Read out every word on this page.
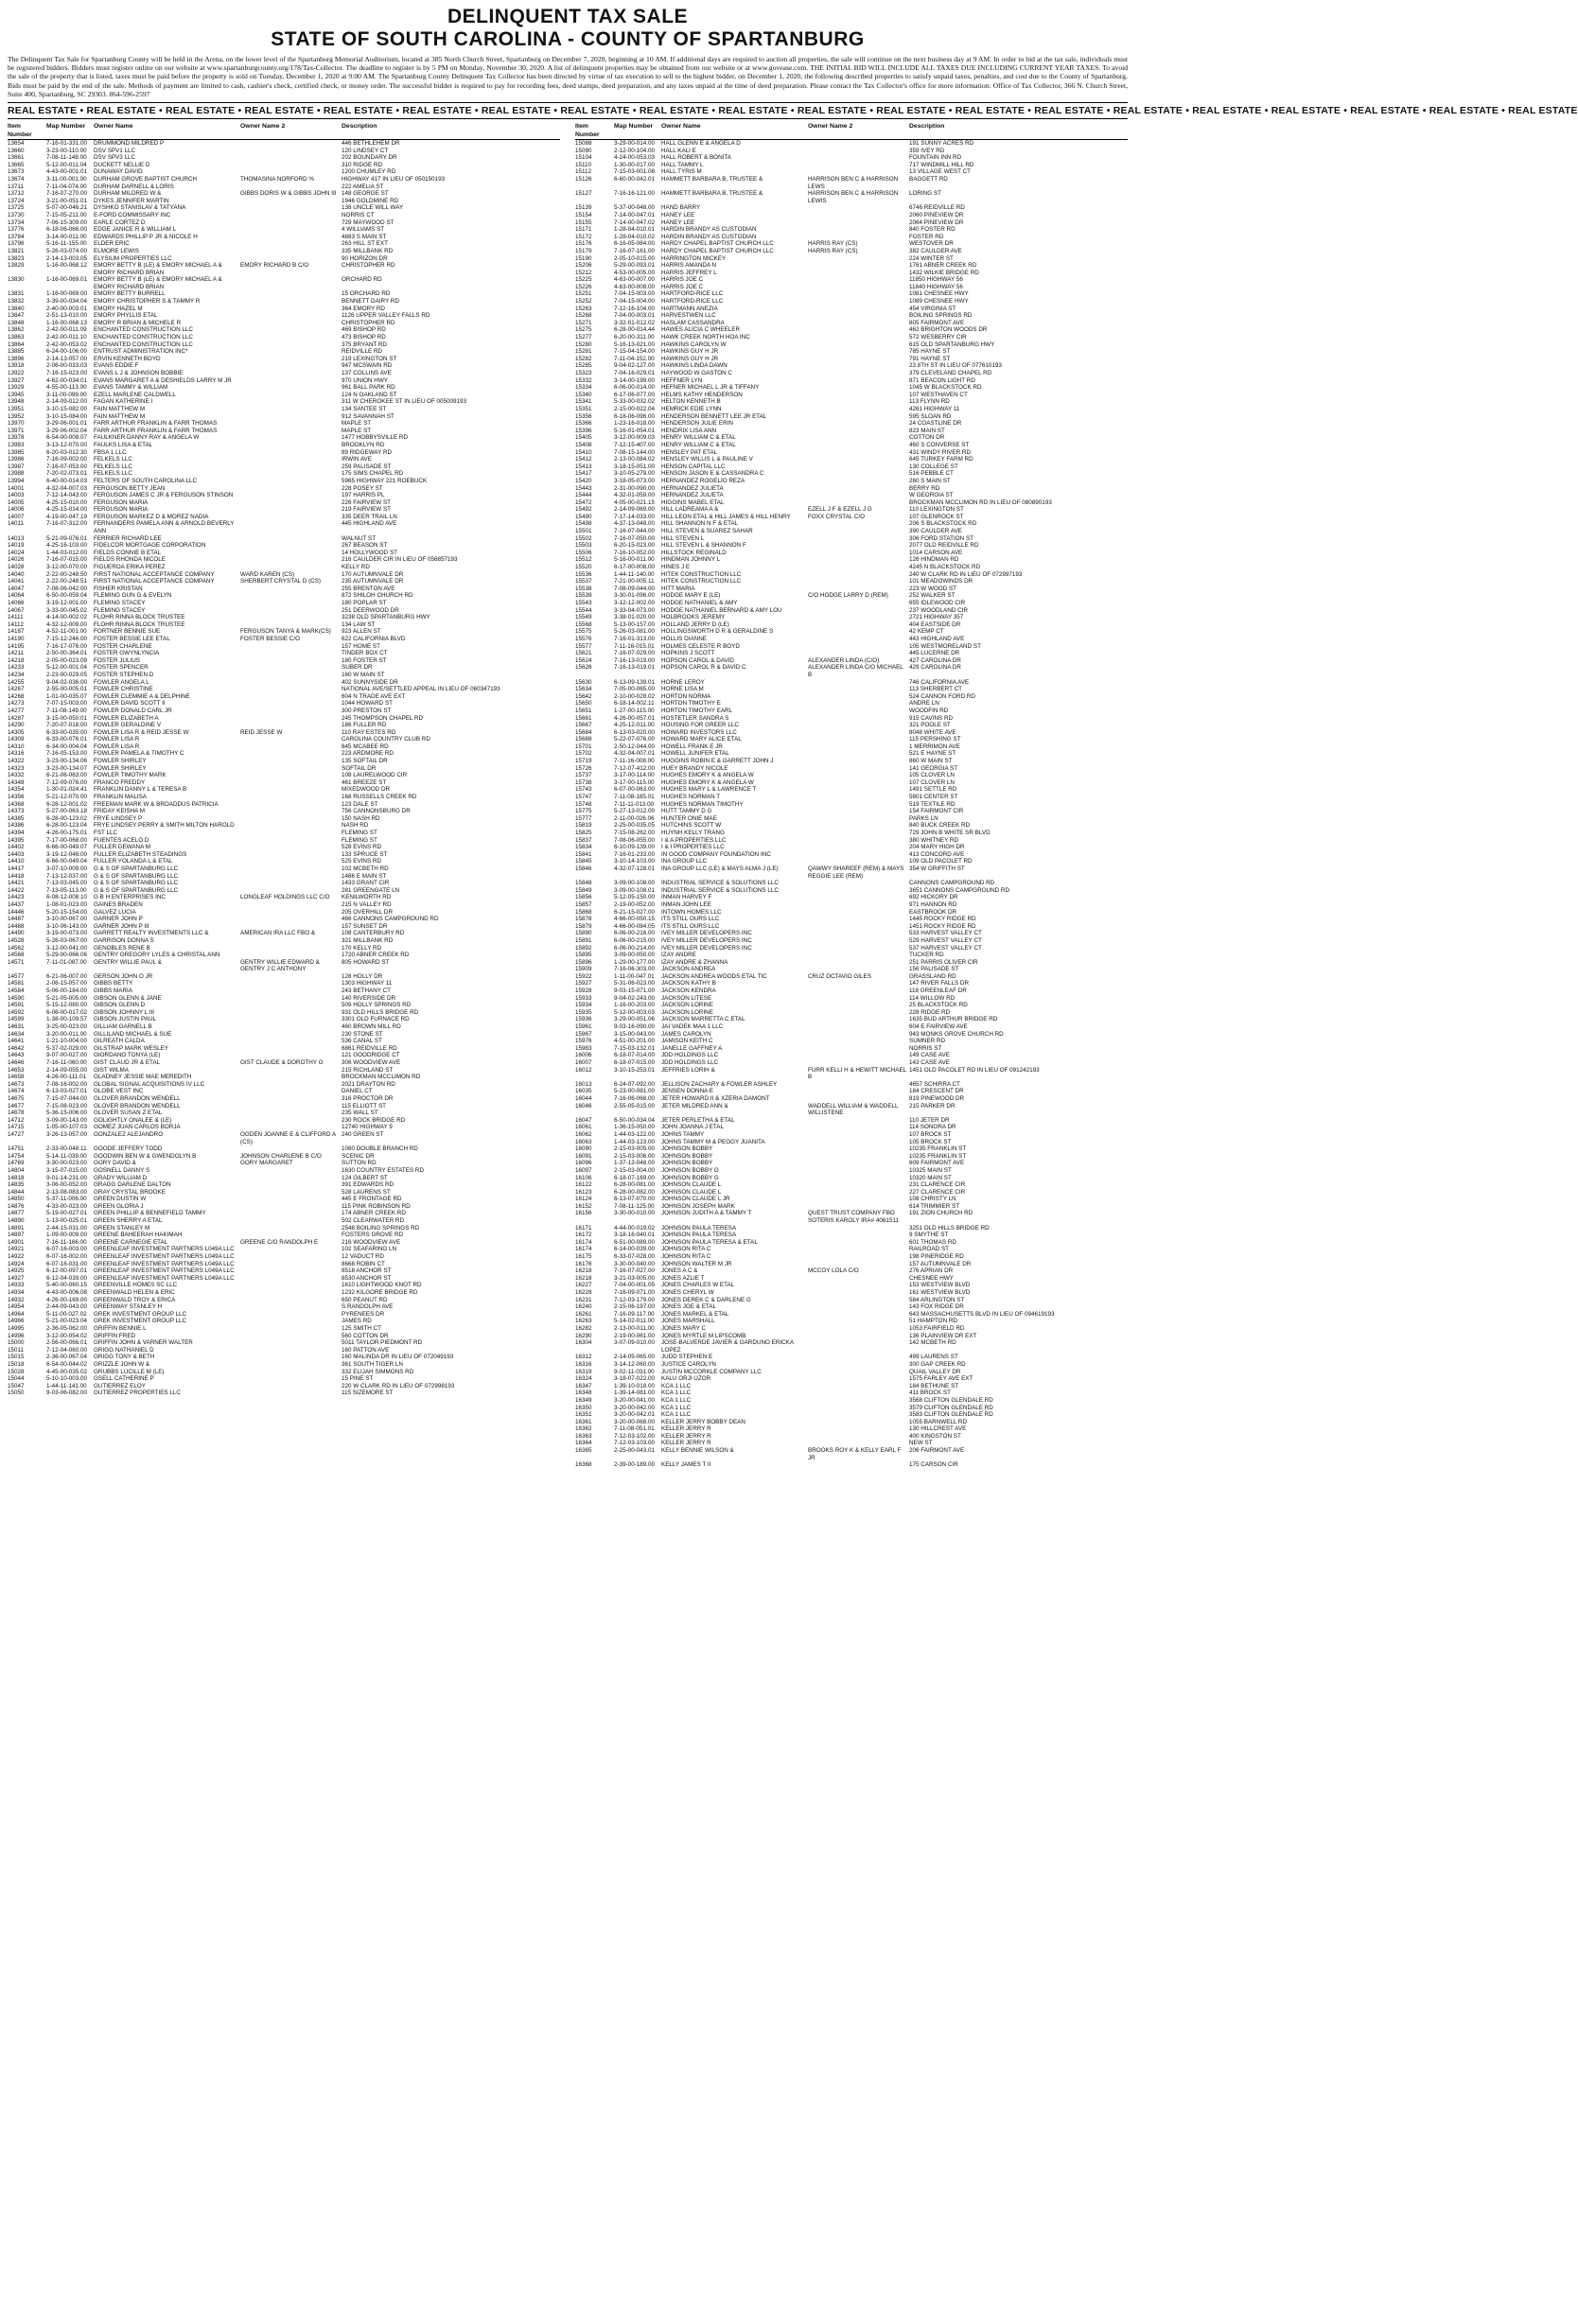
DELINQUENT TAX SALE
STATE OF SOUTH CAROLINA - COUNTY OF SPARTANBURG
The Delinquent Tax Sale for Spartanburg County will be held in the Arena, on the lower level of the Spartanburg Memorial Auditorium, located at 385 North Church Street, Spartanburg on December 7, 2020, beginning at 10 AM. If additional days are required to auction all properties, the sale will continue on the next business day at 9 AM. In order to bid at the tax sale, individuals must be registered bidders. Bidders must register online on our website at www.spartanburgcounty.org/178/Tax-Collector. The deadline to register is by 5 PM on Monday, November 30, 2020. A list of delinquent properties may be obtained from our website or at www.govease.com. THE INITIAL BID WILL INCLUDE ALL TAXES DUE INCLUDING CURRENT YEAR TAXES. To avoid the sale of the property that is listed, taxes must be paid before the property is sold on Tuesday, December 1, 2020 at 9:00 AM. The Spartanburg County Delinquent Tax Collector has been directed by virtue of tax execution to sell to the highest bidder, on December 1, 2020, the following described properties to satisfy unpaid taxes, penalties, and cost due to the County of Spartanburg. Bids must be paid by the end of the sale. Methods of payment are limited to cash, cashier's check, certified check, or money order. The successful bidder is required to pay for recording fees, deed stamps, deed preparation, and any taxes unpaid at the time of deed preparation. Please contact the Tax Collector's office for more information: Office of Tax Collector, 366 N. Church Street, Suite 400, Spartanburg, SC 29303. 864-596-2597
REAL ESTATE • REAL ESTATE • REAL ESTATE • REAL ESTATE • REAL ESTATE • REAL ESTATE • REAL ESTATE • REAL ESTATE • REAL ESTATE • REAL ESTATE • REAL ESTATE • REAL ESTATE • REAL ESTATE • REAL ESTATE • REAL ESTATE • REAL ESTATE • REAL ESTATE • REAL ESTATE • REAL ESTATE • REAL ESTATE
Item Number
Map Number	Owner Name	Owner Name 2	Description
13654	7-16-01-331.00	DRUMMOND MILDRED P	446 BETHLEHEM DR
13660	3-23-00-110.00	DSV SPV1 LLC	120 LINDSEY CT
13661	7-08-11-148.00	DSV SPV3 LLC	202 BOUNDARY DR
13665	5-12-00-011.04	DUCKETT NELLIE D	310 RIDGE RD
13673	4-43-00-001.01	DUNAWAY DAVID	1200 CHUMLEY RD
13674	3-11-00-001.00	DURHAM GROVE BAPTIST CHURCH	THOMASINA NORFORD %	HIGHWAY 417 IN LIEU OF 050150193
13711	7-11-04-074.00	DURHAM DARNELL & LORIS	222 AMELIA ST
13712	7-16-07-270.00	DURHAM MILDRED W &	GIBBS DORIS W & GIBBS JOHN III 148 GEORGE ST
13724	3-21-00-051.01	DYKES JENNIFER MARTIN	1946 GOLDMINE RD
13725	5-07-00-046.21	DYSHKO STANISLAV & TATYANA	138 UNCLE WILL WAY
13730	7-15-05-211.00	E-FORD COMMISSARY INC	NORRIS CT
13734	7-06-15-309.00	EARLE CORTEZ D	729 MAYWOOD ST
13776	6-18-06-066.00	EDGE JANICE R & WILLIAM L	4 WILLIAMS ST
13784	3-14-00-011.00	EDWARDS PHILLIP P JR & NICOLE H	4883 S MAIN ST
13796	5-16-11-155.00	ELDER ERIC	263 HILL ST EXT
13821	5-26-03-074.00	ELMORE LEWIS	335 MILLBANK RD
13823	2-14-13-003.05	ELYSIUM PROPERTIES LLC	90 HORIZON DR
13829	1-16-00-068.12	EMORY BETTY B (LE) & EMORY MICHAEL A & EMORY RICHARD BRIAN
EMORY RICHARD B C/O	CHRISTOPHER RD
13830	1-16-00-069.01	EMORY BETTY B (LE) & EMORY MICHAEL A & EMORY RICHARD BRIAN
ORCHARD RD
13831	1-16-00-069.00	EMORY BETTY BURRELL	15 ORCHARD RD
13832	3-39-00-034.04	EMORY CHRISTOPHER S & TAMMY R	BENNETT DAIRY RD
13840	2-40-00-003.01	EMORY HAZEL M	364 EMORY RD
13847	2-51-13-010.00	EMORY PHYLLIS ETAL	1126 UPPER VALLEY FALLS RD
13848	1-16-00-068.13	EMORY R BRIAN & MICHELE R	CHRISTOPHER RD
13862	2-42-00-011.09	ENCHANTED CONSTRUCTION LLC	469 BISHOP RD
13863	2-42-00-011.10	ENCHANTED CONSTRUCTION LLC	473 BISHOP RD
13864	2-42-00-053.02	ENCHANTED CONSTRUCTION LLC	375 BRYANT RD
13885	6-24-00-106.00	ENTRUST ADMINISTRATION INC*	REIDVILLE RD
13896	2-14-13-057.00	ERVIN KENNETH BOYD	219 LEXINGTON ST
13918	2-06-00-033.03	EVANS EDDIE F	947 MCSWAIN RD
13922	7-16-15-023.00	EVANS L J & JOHNSON BOBBIE	137 COLLINS AVE
13927	4-62-00-034.01	EVANS MARGARET A & DESHIELDS LARRY M JR	970 UNION HWY
13929	4-55-00-113.00	EVANS TAMMY & WILLIAM	961 BALL PARK RD
13945	3-11-00-099.00	EZELL MARLENE CALDWELL	124 N OAKLAND ST
13948	2-14-09-012.00	FAGAN KATHERINE I	311 W CHEROKEE ST IN LIEU OF 005009193
13951	3-10-15-082.00	FAIN MATTHEW M	134 SANTEE ST
13952	3-10-15-084.00	FAIN MATTHEW M	912 SAVANNAH ST
13970	3-29-06-001.01	FARR ARTHUR FRANKLIN & FARR THOMAS	MAPLE ST
13971	3-29-06-002.04	FARR ARTHUR FRANKLIN & FARR THOMAS	MAPLE ST
13978	6-54-00-008.07	FAULKNER DANNY RAY & ANGELA W	1477 HOBBYSVILLE RD
13983	3-13-12-070.00	FAULKS LISA & ETAL	BROOKLYN RD
13985	6-20-03-012.30	FBSA 1 LLC	89 RIDGEWAY RD
13986	7-16-09-002.00	FELKELS LLC	IRWIN AVE
13987	7-16-07-053.00	FELKELS LLC	259 PALISADE ST
13988	7-20-02-073.01	FELKELS LLC	175 SIMS CHAPEL RD
13994	6-40-00-014.03	FELTERS OF SOUTH CAROLINA LLC	5965 HIGHWAY 221 ROEBUCK
14001	4-32-04-007.03	FERGUSON BETTY JEAN	228 POSEY ST
14003	7-12-14-043.00	FERGUSON JAMES C JR & FERGUSON STINSON	197 HARRIS PL
14005	4-25-15-010.00	FERGUSON MARIA	226 FAIRVIEW ST
14006	4-25-15-014.00	FERGUSON MARIA	219 FAIRVIEW ST
14007	4-19-00-047.19	FERGUSON MARKEZ D & MOREZ NADIA	335 DEER TRAIL LN
14011	7-16-07-312.00	FERNANDERS PAMELA ANN & ARNOLD BEVERLY ANN
445 HIGHLAND AVE
14013	5-21-09-076.01	FERRIER RICHARD LEE	WALNUT ST
14019	4-25-16-103.00	FIDELCOR MORTGAGE CORPORATION	267 BEASON ST
14024	1-44-03-012.00	FIELDS CONNIE B ETAL	14 HOLLYWOOD ST
14026	7-16-07-015.00	FIELDS RHONDA NICOLE	216 CAULDER CIR IN LIEU OF 056857193
14028	3-12-00-070.00	FIGUEROA ERIKA PEREZ	KELLY RD
14040	2-22-00-248.50	FIRST NATIONAL ACCEPTANCE COMPANY	WARD KAREN (CS)	170 AUTUMNVALE DR
14041	2-22-00-248.51	FIRST NATIONAL ACCEPTANCE COMPANY	SHERBERT CRYSTAL D (CS)	235 AUTUMNVALE DR
14047	7-08-06-042.00	FISHER KRISTAN	255 BRENTON AVE
14064	6-50-00-059.04	FLEMING GUN G & EVELYN	872 SHILOH CHURCH RD
14066	3-19-12-001.00	FLEMING STACEY	180 POPLAR ST
14067	3-33-00-045.02	FLEMING STACEY	251 DEERWOOD DR
14111	4-14-00-002.02	FLOHR RINNA BLOCK TRUSTEE	3238 OLD SPARTANBURG HWY
14112	4-32-12-009.00	FLOHR RINNA BLOCK TRUSTEE	134 LAW ST
14187	4-52-11-001.00	FORTNER BENNIE SUE	FERGUSON TANYA & MARK(CS)	923 ALLEN ST
14190	7-15-12-246.00	FOSTER BESSIE LEE ETAL	FOSTER BESSIE C/O	622 CALIFORNIA BLVD
14195	7-16-17-076.00	FOSTER CHARLENE	157 HOME ST
14211	2-50-00-364.01	FOSTER GWYNLYNCIA	TINDER BOX CT
14218	2-05-00-023.09	FOSTER JULIUS	180 FOSTER ST
14233	5-12-00-001.04	FOSTER SPENCER	SUBER DR
14234	2-23-00-029.05	FOSTER STEPHEN D	160 W MAIN ST
14255	9-04-02-036.00	FOWLER ANGELA L	402 SUNNYSIDE DR
14267	2-55-00-005.01	FOWLER CHRISTINE	NATIONAL AVE/SETTLED APPEAL IN LIEU OF 060347193
14268	1-01-00-035.07	FOWLER CLEMMIE A & DELPHINE	604 N TRADE AVE EXT
14273	7-07-15-003.00	FOWLER DAVID SCOTT II	1044 HOWARD ST
14277	7-11-08-149.00	FOWLER DONALD CARL JR	300 PRESTON ST
14287	3-15-00-050.01	FOWLER ELIZABETH A	245 THOMPSON CHAPEL RD
14290	7-20-07-018.00	FOWLER GERALDINE V	186 FULLER RD
14305	6-33-00-035.00	FOWLER LISA R & REID JESSE W	REID JESSE W	110 RAY ESTES RD
14309	6-33-00-076.01	FOWLER LISA R	CAROLINA COUNTRY CLUB RD
14310	6-34-00-004.04	FOWLER LISA R	845 MCABEE RD
14316	7-16-05-153.00	FOWLER PAMELA & TIMOTHY C	223 ARDMORE RD
14322	3-23-00-134.06	FOWLER SHIRLEY	135 SOFTAIL DR
14323	3-23-00-134.07	FOWLER SHIRLEY	SOFTAIL DR
14332	6-21-06-063.00	FOWLER TIMOTHY MARK	108 LAURELWOOD CIR
14348	7-12-09-076.00	FRANCO FREDDY	461 BREEZE ST
14354	1-30-01-024.41	FRANKLIN DANNY L & TERESA B	MIXEDWOOD DR
14356	5-21-12-070.00	FRANKLIN MALISA	168 RUSSELLS CREEK RD
14368	6-28-12-001.02	FREEMAN MARK W & BROADDUS PATRICIA	123 DALE ST
14373	5-27-00-063.18	FRIDAY KEISHA M	756 CANNONSBURG DR
14385	6-28-00-123.02	FRYE LINDSEY P	150 NASH RD
14386	6-28-00-123.04	FRYE LINDSEY PERRY & SMITH MILTON HAROLD	NASH RD
14394	4-26-00-175.01	FST LLC	FLEMING ST
14395	7-17-00-068.00	FUENTES ACELO D	FLEMING ST
14402	6-66-00-049.07	FULLER DEWANA M	528 EVINS RD
14403	3-19-12-046.00	FULLER ELIZABETH STEADINGS	133 SPRUCE ST
14410	6-66-00-049.04	FULLER YOLANDA L & ETAL	525 EVINS RD
14417	3-07-10-009.00	G & S OF SPARTANBURG LLC	102 MCBETH RD
14418	7-13-12-037.00	G & S OF SPARTANBURG LLC	1486 E MAIN ST
14421	7-13-03-045.00	G & S OF SPARTANBURG LLC	1433 GRANT CIR
14422	7-13-05-113.00	G & S OF SPARTANBURG LLC	281 GREENGATE LN
14423	6-08-12-008.10	G B H ENTERPRISES INC	LONGLEAF HOLDINGS LLC C/O	KENILWORTH RD
14437	1-08-01-023.00	GAINES BRADEN	215 N VALLEY RD
14446	5-20-15-154.00	GALVEZ LUCIA	205 OVERHILL DR
14487	3-10-00-067.00	GARNER JOHN P	466 CANNONS CAMPGROUND RD
14488	3-10-06-143.00	GARNER JOHN P III	157 SUNSET DR
14490	3-19-00-073.00	GARRETT REALTY INVESTMENTS LLC &	AMERICAN IRA LLC FBO &	108 CANTERBURY RD
14528	5-26-03-067.00	GARRISON DONNA S	321 MILLBANK RD
14562	3-12-00-041.00	GENOBLES RENE B	170 KELLY RD
14568	5-29-00-066.06	GENTRY GREGORY LYLES & CHRISTAL ANN	1720 ABNER CREEK RD
14571	7-11-01-087.00	GENTRY WILLIE PAUL &	GENTRY WILLIE EDWARD & GENTRY J C ANTHONY
805 HOWARD ST
14577	6-21-06-007.00	GERSON JOHN O JR	128 HOLLY DR
14581	2-06-15-057.00	GIBBS BETTY	1303 HIGHWAY 11
14584	5-06-00-184.00	GIBBS MARIA	243 BETHANY CT
14590	5-21-05-005.00	GIBSON GLENN & JANE	140 RIVERSIDE DR
14591	5-15-12-080.00	GIBSON GLENN D	509 HOLLY SPRINGS RD
14592	6-06-00-017.02	GIBSON JOHNNY L III	931 OLD HILLS BRIDGE RD
14599	1-38-00-109.57	GIBSON JUSTIN PAUL	3301 OLD FURNACE RD
14631	3-25-00-023.00	GILLIAM GARNELL B	460 BROWN MILL RD
14634	3-20-00-011.00	GILLILAND MICHAEL & SUE	230 STONE ST
14641	1-21-10-004.00	GILREATH CALDA	536 CANAL ST
14642	5-37-02-029.00	GILSTRAP MARK WESLEY	6861 REIDVILLE RD
14643	9-07-00-027.00	GIORDANO TONYA (LE)	121 GOODRIDGE CT
14646	7-16-11-060.00	GIST CLAUD JR & ETAL	GIST CLAUDE & DOROTHY G	306 WOODVIEW AVE
14653	2-14-09-055.00	GIST WILMA	215 RICHLAND ST
14658	4-26-00-111.01	GLADNEY JESSIE MAE MEREDITH	BROCKMAN MCCLIMON RD
14673	7-08-16-002.00	GLOBAL SIGNAL ACQUISITIONS IV LLC	2021 DRAYTON RD
14674	6-13-03-027.01	GLOBE VEST INC	DANIEL CT
14675	7-15-07-044.00	GLOVER BRANDON WENDELL	316 PROCTOR DR
14677	7-15-08-023.00	GLOVER BRANDON WENDELL	115 ELLIOTT ST
14678	5-36-15-006.00	GLOVER SUSAN Z ETAL	235 WALL ST
14712	3-09-00-143.00	GOLIGHTLY ONALEE & (LE)	230 ROCK BRIDGE RD
14715	1-05-00-107.03	GOMEZ JUAN CARLOS BORJA	12740 HIGHWAY 9
14727	3-26-13-057.00	GONZALEZ ALEJANDRO	OGDEN JOANNE E & CLIFFORD A (CS)
240 GREEN ST
14751	2-33-00-048.11	GOODE JEFFERY TODD	1080 DOUBLE BRANCH RD
14754	5-14-11-039.00	GOODWIN BEN W & GWENDOLYN B	JOHNSON CHARLENE B C/O	SCENIC DR
14769	3-30-00-023.00	GORY DAVID &	GORY MARGARET	SUTTON RD
14804	3-15-07-015.00	GOSNELL DANNY S	1630 COUNTRY ESTATES RD
14818	9-01-14-231.00	GRADY WILLIAM D	124 GILBERT ST
14835	3-06-00-052.00	GRAGG DARLENE DALTON	391 EDWARDS RD
14844	2-13-08-083.00	GRAY CRYSTAL BROOKE	528 LAURENS ST
14850	5-37-11-006.00	GREEN DUSTIN W	445 E FRONTAGE RD
14876	4-33-00-023.00	GREEN GLORIA J	115 PINK ROBINSON RD
14877	5-19-00-027.01	GREEN PHILLIP & BENNEFIELD TAMMY	174 ABNER CREEK RD
14890	1-13-00-025.01	GREEN SHERRY A ETAL	502 CLEARWATER RD
14891	2-44-15-031.00	GREEN STANLEY M	2548 BOILING SPRINGS RD
14897	1-09-00-009.00	GREENE BAHEERAH HAKIMAH	FOSTERS GROVE RD
14901	7-16-11-166.00	GREENE CARNEGIE ETAL	GREENE C/O RANDOLPH E	216 WOODVIEW AVE
14921	6-07-16-003.00	GREENLEAF INVESTMENT PARTNERS L049A LLC	102 SEAFARING LN
14922	6-07-16-002.00	GREENLEAF INVESTMENT PARTNERS L049A LLC	12 VADUCT RD
14924	6-07-16-031.00	GREENLEAF INVESTMENT PARTNERS L049A LLC	8668 ROBIN CT
14925	6-12-00-097.01	GREENLEAF INVESTMENT PARTNERS L049A LLC	8518 ANCHOR ST
14927	6-12-04-039.00	GREENLEAF INVESTMENT PARTNERS L049A LLC	8530 ANCHOR ST
14933	5-40-00-060.15	GREENVILLE HOMES SC LLC	1610 LIGHTWOOD KNOT RD
14934	4-43-00-006.08	GREENWALD HELEN & ERIC	1232 KILGORE BRIDGE RD
14932	4-26-00-169.00	GREENWALD TROY & ERICA	650 PEANUT RD
14954	2-44-09-043.00	GREENWAY STANLEY H	S RANDOLPH AVE
14964	5-11-00-027.02	GREK INVESTMENT GROUP LLC	PYRENEES DR
14966	5-21-00-023.04	GREK INVESTMENT GROUP LLC	JAMES RD
14995	2-36-05-062.00	GRIFFIN BENNIE L	125 SMITH CT
14996	3-12-00-054.02	GRIFFIN FRED	560 COTTON DR
15000	2-56-00-066.01	GRIFFIN JOHN & VARNER WALTER	5011 TAYLOR PIEDMONT RD
15011	7-12-04-060.00	GRIGG NATHANIEL D	160 PATTON AVE
15015	2-36-00-067.04	GRIGG TONY & BETH	160 MALINDA DR IN LIEU OF 072049193
15018	6-54-00-044.02	GRIZZLE JOHN W &	361 SOUTH TIGER LN
15028	4-45-00-035.02	GRUBBS LUCILLE M (LE)	332 ELIJAH SIMMONS RD
15044	5-10-10-003.00	GSELL CATHERINE P	15 PINE ST
15047	1-44-11-141.00	GUTIERREZ ELOY	220 W CLARK RD IN LIEU OF 072998193
15050	9-03-06-082.00	GUTIERREZ PROPERTIES LLC	115 SIZEMORE ST
Item Number
Map Number	Owner Name	Owner Name 2	Description
15088	3-29-00-014.00	HALL GLENN E & ANGELA D	191 SUNNY ACRES RD
15090	2-12-00-104.00	HALL KALI E	359 IVEY RD
15104	4-24-00-053.03	HALL ROBERT & BONITA	FOUNTAIN INN RD
15110	1-30-00-017.00	HALL TAMMY L	717 WINDMILL HILL RD
15112	7-15-03-001.08	HALL TYRIS M	13 VILLAGE WEST CT
15126	6-60-00-042.01	HAMMETT BARBARA B, TRUSTEE &	HARRISON BEN C & HARRISON LEWS
BAGGETT RD
15127	7-16-16-121.00	HAMMETT BARBARA B, TRUSTEE &	HARRISON BEN C & HARRISON LEWIS
LORING ST
15139	5-37-00-048.00	HAND BARRY	6746 REIDVILLE RD
15154	7-14-00-047.01	HANEY LEE	2060 PINEVIEW DR
15155	7-14-00-047.02	HANEY LEE	2064 PINEVIEW DR
15171	1-28-04-010.01	HARDIN BRANDY AS CUSTODIAN	840 FOSTER RD
15172	1-28-04-010.02	HARDIN BRANDY AS CUSTODIAN	FOSTER RD
15176	6-16-05-064.00	HARDY CHAPEL BAPTIST CHURCH LLC	HARRIS RAY (CS)	WESTOVER DR
15179	7-16-07-161.00	HARDY CHAPEL BAPTIST CHURCH LLC	HARRIS RAY (CS)	382 CAULDER AVE
15190	2-05-10-015.00	HARRINGTON MICKEY	224 WINTER ST
15206	5-29-00-093.01	HARRIS AMANDA N	1761 ABNER CREEK RD
15212	4-53-00-005.00	HARRIS JEFFREY L	1432 WILKIE BRIDGE RD
15225	4-63-00-007.00	HARRIS JOE C	11850 HIGHWAY 56
15226	4-63-00-008.00	HARRIS JOE C	11840 HIGHWAY 56
15251	7-04-15-003.00	HARTFORD-RICE LLC	1081 CHESNEE HWY
15252	7-04-15-004.00	HARTFORD-RICE LLC	1089 CHESNEE HWY
15263	7-12-16-104.00	HARTMANN ANEZIA	454 VIRGINIA ST
15268	7-04-00-003.01	HARVESTWEN LLC	BOILING SPRINGS RD
15271	3-32-01-012.02	HASLAM CASSANDRA	805 FAIRMONT AVE
15275	6-28-00-014.44	HAWES ALICIA C WHEELER	462 BRIGHTON WOODS DR
15277	6-20-00-311.00	HAWK CREEK NORTH HOA INC	572 WESBERRY CIR
15280	5-16-13-021.00	HAWKINS CAROLYN W	615 OLD SPARTANBURG HWY
15281	7-15-04-154.00	HAWKINS GUY H JR	785 HAYNE ST
15282	7-11-04-152.00	HAWKINS GUY H JR	791 HAYNE ST
15285	9-04-02-127.00	HAWKINS LINDA DAWN	23 8TH ST IN LIEU OF 077610193
15323	7-04-16-029.01	HAYWOOD W GASTON C	379 CLEVELAND CHAPEL RD
15332	3-14-00-199.00	HEFFNER LYN	871 BEACON LIGHT RD
15334	6-06-00-014.00	HEFNER MICHAEL L JR & TIFFANY	1045 W BLACKSTOCK RD
15340	6-17-06-077.00	HELMS KATHY HENDERSON	107 WESTHAVEN CT
15341	5-33-00-032.02	HELTON KENNETH B	113 FLYNN RD
15351	2-15-00-022.04	HEMRICK EDIE LYNN	4261 HIGHWAY 11
15356	6-18-06-096.00	HENDERSON BENNETT LEE JR ETAL	595 SLOAN RD
15366	1-23-16-018.00	HENDERSON JULIE ERIN	24 COASTLINE DR
15396	5-16-01-054.01	HENDRIX LISA ANN	823 MAIN ST
15405	3-12-00-009.03	HENRY WILLIAM C & ETAL	COTTON DR
15408	7-12-15-407.00	HENRY WILLIAM C & ETAL	460 S CONVERSE ST
15410	7-08-15-144.00	HENSLEY PAT ETAL	431 WINDY RIVER RD
15412	2-13-00-084.02	HENSLEY WILLIS L & PAULINE V	645 TURKEY FARM RD
15413	3-18-15-051.00	HENSON CAPITAL LLC	130 COLLEGE ST
15417	3-10-05-279.00	HENSON JASON E & CASSANDRA C	516 PEBBLE CT
15420	3-18-05-073.00	HERNANDEZ ROGELIO REZA	260 S MAIN ST
15443	2-31-00-090.00	HERNANDEZ JULIETA	BERRY RD
15444	4-32-01-059.00	HERNANDEZ JULIETA	W GEORGIA ST
15472	4-05-00-021.15	HIGGINS MABEL ETAL	BROCKMAN MCCLIMON RD IN LIEU OF 080890193
15492	2-14-09-069.00	HILL LADREAMA A &	EZELL J F & EZELL J G	110 LEXINGTON ST
15490	7-17-14-033.00	HILL LEON ETAL & HILL JAMES & HILL HENRY	FOXX CRYSTAL C/O	107 GLENROCK ST
15498	4-37-13-048.00	HILL SHANNON N F & ETAL	206 S BLACKSTOCK RD
15501	7-16-07-044.00	HILL STEVEN & SUAREZ SAHAR	390 CAULDER AVE
15502	7-16-07-050.00	HILL STEVEN L	306 FORD STATION ST
15503	6-20-15-023.00	HILL STEVEN L & SHANNON F	2077 OLD REIDVILLE RD
15506	7-16-10-052.00	HILLSTOCK REGINALD	1014 CARSON AVE
15512	5-16-00-011.00	HINDMAN JOHNNY L	126 HINDMAN RD
15520	6-17-00-008.00	HINES J E	4245 N BLACKSTOCK RD
15536	1-44-11-140.00	HITEK CONSTRUCTION LLC	240 W CLARK RD IN LIEU OF 072997193
15537	7-21-00-005.11	HITEK CONSTRUCTION LLC	101 MEADOWINDS DR
15538	7-08-09-044.00	HITT MARIA	223 W WOOD ST
15539	3-30-01-096.00	HODGE MARY E (LE)	C/O HODGE LARRY D (REM)	252 WALKER ST
15543	3-12-12-002.00	HODGE NATHANIEL & AMY	655 IDLEWOOD CIR
15544	3-33-04-073.00	HODGE NATHANIEL BERNARD & AMY LOU	237 WOODLAND CIR
15549	3-38-01-020.00	HOLBROOKS JEREMY	2721 HIGHWAY 357
15568	5-13-00-157.00	HOLLAND JERRY D (LE)	404 EASTSIDE DR
15575	5-26-03-081.00	HOLLINGSWORTH D R & GERALDINE S	42 KEMP CT
15576	7-16-01-313.00	HOLLIS DIANNE	443 HIGHLAND AVE
15577	7-11-16-015.01	HOLMES CELESTE R BOYD	105 WESTMORELAND ST
15621	7-16-07-029.00	HOPKINS J SCOTT	445 LUCERNE DR
15624	7-16-13-019.00	HOPSON CAROL & DAVID	ALEXANDER LINDA (C/O)	427 CAROLINA DR
15626	7-16-13-019.01	HOPSON CAROL R & DAVID C	ALEXANDER LINDA C/O MICHAEL B
429 CAROLINA DR
15630	6-13-09-139.01	HORNE LEROY	746 CALIFORNIA AVE
15634	7-05-00-065.00	HORNE LISA M	113 SHERBERT CT
15642	2-10-00-028.02	HORTON NORMA	524 CANNON FORD RD
15650	6-18-14-002.11	HORTON TIMOTHY E	ANDRE LN
15651	1-27-00-115.00	HORTON TIMOTHY EARL	WOODFIN RD
15661	4-26-00-057.01	HOSTETLER SANDRA S	915 CAVINS RD
15667	4-25-12-011.00	HOUSING FOR GREER LLC	321 POOLE ST
15684	6-13-03-020.00	HOWARD INVESTORS LLC	8048 WHITE AVE
15688	5-22-07-076.00	HOWARD MARY ALICE ETAL	115 PERSHING ST
15701	2-50-12-044.00	HOWELL FRANK E JR	1 MERRIMON AVE
15702	4-32-04-007.01	HOWELL JUNIFER ETAL	521 E HAYNE ST
15719	7-11-16-008.00	HUGGINS ROBIN E & GARRETT JOHN J	860 W MAIN ST
15726	7-12-07-412.00	HUEY BRANDY NICOLE	141 GEORGIA ST
15737	3-17-00-114.00	HUGHES EMORY K & ANGELA W	105 CLOVER LN
15738	3-17-00-115.00	HUGHES EMORY K & ANGELA W	107 CLOVER LN
15743	6-07-00-063.00	HUGHES MARY L & LAWRENCE T	1491 SETTLE RD
15747	7-11-08-185.01	HUGHES NORMAN T	5801 CENTER ST
15748	7-11-11-013.00	HUGHES NORMAN TIMOTHY	519 TEXTILE RD
15775	5-27-13-012.00	HUTT TAMMY D G	154 FAIRMONT CIR
15777	2-11-00-026.06	HUNTER ONIE MAE	PARKS LN
15819	2-25-00-035.05	HUTCHINS SCOTT W	840 BUCK CREEK RD
15825	7-15-08-262.00	HUYNH KELLY TRANG	729 JOHN B WHITE SR BLVD
15837	7-08-06-055.00	I & A PROPERTIES LLC	380 WHITNEY RD
15834	6-10-09-139.00	I & I PROPERTIES LLC	204 MARY HIGH DR
15841	7-16-01-233.00	IN GOOD COMPANY FOUNDATION INC	413 CONCORD AVE
15845	3-10-14-103.00	INA GROUP LLC	109 OLD PACOLET RD
15846	4-32-07-128.01	INA GROUP LLC (LE) & MAYS ALMA J (LE)	QAWWY SHAREEF (REM) & MAYS REGGIE LEE (REM)
354 W GRIFFITH ST
15848	3-09-00-108.00	INDUSTRIAL SERVICE & SOLUTIONS LLC	CANNONS CAMPGROUND RD
15849	3-09-00-108.01	INDUSTRIAL SERVICE & SOLUTIONS LLC	3651 CANNONS CAMPGROUND RD
15856	5-12-05-150.00	INMAN HARVEY F	692 HICKORY DR
15857	2-19-00-052.00	INMAN JOHN LEE	971 HANNON RD
15868	6-21-15-027.00	INTOWN HOMES LLC	EASTBROOK DR
15878	4-66-00-050.15	ITS STILL OURS LLC	1445 ROCKY RIDGE RD
15879	4-66-00-084.05	ITS STILL OURS LLC	1451 ROCKY RIDGE RD
15890	6-06-00-216.00	IVEY MILLER DEVELOPERS INC	533 HARVEST VALLEY CT
15891	6-06-00-215.00	IVEY MILLER DEVELOPERS INC	529 HARVEST VALLEY CT
15892	6-06-00-214.00	IVEY MILLER DEVELOPERS INC	537 HARVEST VALLEY CT
15895	3-09-00-050.00	IZAY ANDRE	TUCKER RD
15896	1-29-00-177.00	IZAY ANDRE & ZHANNA	251 PARRIS OLIVER CIR
15909	7-16-06-303.00	JACKSON ANDREA	156 PALISADE ST
15922	1-11-00-047.01	JACKSON ANDREA WOODS ETAL TIC	CRUZ OCTAVIO GILES	GRASSLAND RD
15927	5-31-06-023.00	JACKSON KATHY B	147 RIVER FALLS DR
15928	9-03-15-071.00	JACKSON KENDRA	118 GREENLEAF DR
15933	9-04-02-243.00	JACKSON LITESE	114 WILLOW RD
15934	1-16-00-203.00	JACKSON LORINE	25 BLACKSTOCK RD
15935	5-12-00-003.03	JACKSON LORINE	228 RIDGE RD
15936	3-29-00-051.06	JACKSON MARRETTA C ETAL	1635 BUD ARTHUR BRIDGE RD
15961	9-03-16-090.00	JAI VADEK MAA 1 LLC	604 E FAIRVIEW AVE
15967	3-15-00-043.00	JAMES CAROLYN	943 MONKS GROVE CHURCH RD
15976	4-51-00-201.00	JAMISON KEITH C	SUMNER RD
15983	7-15-03-132.01	JANELLE GAFFNEY A	NORRIS ST
16006	6-18-07-014.00	JDD HOLDINGS LLC	149 CASE AVE
16007	6-18-07-015.00	JDD HOLDINGS LLC	143 CASE AVE
16012	3-10-15-253.01	JEFFRIES LORIH &	FURR KELLI H & HEWITT MICHAEL B
1451 OLD PACOLET RD IN LIEU OF 091242193
16013	6-24-07-092.00	JELLISON ZACHARY & FOWLER ASHLEY	4657 SCHIRRA CT
16035	5-23-00-081.00	JENSEN DONNA E	184 CRESCENT DR
16044	7-16-06-068.00	JETER HOWARD II & XZERIA DAMONT	819 PINEWOOD DR
16046	2-55-05-015.00	JETER MILDRED ANN &	WADDELL WILLIAM & WADDELL WILLISTENE
215 PARKER DR
16047	6-50-00-034.04	JETER PERLETHA & ETAL	110 JETER DR
16061	1-36-15-050.00	JOHN JOANNA J ETAL	114 SONORA DR
16062	1-44-03-122.00	JOHNS TAMMY	107 BROCK ST
16063	1-44-03-123.00	JOHNS TAMMY M & PEGGY JUANITA	105 BROCK ST
16090	2-15-03-005.00	JOHNSON BOBBY	10235 FRANKLIN ST
16091	2-15-03-006.00	JOHNSON BOBBY	10235 FRANKLIN ST
16096	1-37-13-048.00	JOHNSON BOBBY	609 FAIRMONT AVE
16097	2-15-03-004.00	JOHNSON BOBBY G	10325 MAIN ST
16106	6-18-07-169.00	JOHNSON BOBBY G	10320 MAIN ST
16122	6-28-00-081.00	JOHNSON CLAUDE L	231 CLARENCE CIR
16123	6-28-00-082.00	JOHNSON CLAUDE L	227 CLARENCE CIR
16124	6-13-07-070.00	JOHNSON CLAUDE L JR	108 CHRISTY LN
16152	7-08-11-125.00	JOHNSON JOSEPH MARK	614 TRIMMIER ST
16156	3-30-00-010.00	JOHNSON JUDITH A & TAMMY T	QUEST TRUST COMPANY FBO SOTERIS KAROLY IRA# 4061511
191 ZION CHURCH RD
16171	4-44-00-019.02	JOHNSON PAULA TERESA	3251 OLD HILLS BRIDGE RD
16172	3-18-16-040.01	JOHNSON PAULA TERESA	9 SMYTHE ST
16174	6-51-00-089.00	JOHNSON PAULA TERESA & ETAL	601 THOMAS RD
16174	6-14-00-039.00	JOHNSON RITA C	RAILROAD ST
16175	6-33-07-028.00	JOHNSON RITA C	198 PINERIDGE RD
16176	3-30-00-040.00	JOHNSON WALTER M JR	157 AUTUMNVALE DR
16218	7-16-07-027.00	JONES A C &	MCCOY LOLA C/O	276 APRIAN DR
16218	3-21-03-005.00	JONES AZLIE T	CHESNEE HWY
16227	7-04-00-001.05	JONES CHARLES W ETAL	153 WESTVIEW BLVD
16228	7-16-09-071.00	JONES CHERYL W	161 WESTVIEW BLVD
16231	7-12-03-179.00	JONES DEREK C & DARLENE G	584 ARLINGTON ST
16240	2-15-06-197.00	JONES JOE & ETAL	143 FOX RIDGE DR
16261	7-16-09-117.00	JONES MARKEL & ETAL	643 MASSACHUSETTS BLVD IN LIEU OF 094619193
16263	5-14-02-011.00	JONES MARSHALL	51 HAMPTON RD
16282	2-13-00-011.00	JONES MARY C	1053 FAIRFIELD RD
16290	2-19-00-061.00	JONES MYRTLE M LIPSCOMB	136 PLAINVIEW DR EXT
16304	3-07-09-010.00	JOSE-BALVERDE JAVIER & GARDUNO ERICKA LOPEZ
142 MCBETH RD
16312	2-14-05-065.00	JUDD STEPHEN E	499 LAURENS ST
16316	3-14-12-060.00	JUSTICE CAROLYN	300 GAP CREEK RD
16319	9-02-11-031.00	JUSTIN MCCORKLE COMPANY LLC	QUAIL VALLEY DR
16324	3-18-07-022.00	KALU ORJI UZOR	1575 FARLEY AVE EXT
16347	1-39-10-018.00	KCA 1 LLC	184 BETHUNE ST
16348	1-39-14-081.00	KCA 1 LLC	411 BROCK ST
16349	3-20-00-041.00	KCA 1 LLC	3568 CLIFTON GLENDALE RD
16350	3-20-00-042.00	KCA 1 LLC	3579 CLIFTON GLENDALE RD
16351	3-20-00-042.01	KCA 1 LLC	3583 CLIFTON GLENDALE RD
16361	3-20-00-068.00	KELLER JERRY BOBBY DEAN	1055 BARNWELL RD
16362	7-11-08-051.01	KELLER JERRY R	130 HILLCREST AVE
16363	7-12-03-102.00	KELLER JERRY R	400 KINGSTON ST
16364	7-12-03-103.00	KELLER JERRY R	NEW ST
16365	2-25-00-043.01	KELLY BENNIE WILSON &	BROOKS ROY K & KELLY EARL F JR
206 FAIRMONT AVE
16368	2-39-00-189.00	KELLY JAMES T II	175 CARSON CIR
